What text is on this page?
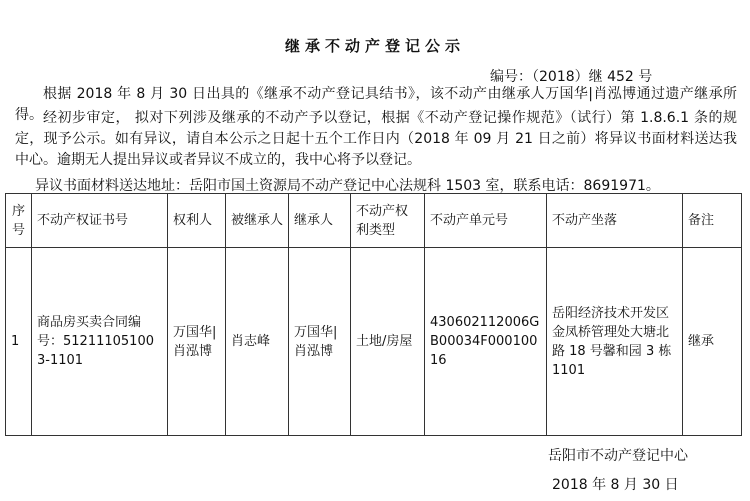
继承不动产登记公示
编号：（2018）继 452 号
根据 2018 年 8 月 30 日出具的《继承不动产登记具结书》，该不动产由继承人万国华|肖泓博通过遗产继承所得。 经初步审定， 拟对下列涉及继承的不动产予以登记，根据《不动产登记操作规范》（试行）第 1.8.6.1 条的规定，现予公示。如有异议，请自本公示之日起十五个工作日内（2018 年 09 月 21 日之前）将异议书面材料送达我中心。逾期无人提出异议或者异议不成立的，我中心将予以登记。
异议书面材料送达地址：岳阳市国土资源局不动产登记中心法规科 1503 室，联系电话：8691971。
序号	不动产权证书号	权利人	被继承人	继承人	不动产权利类型	不动产单元号	不动产坐落	备注
1	商品房买卖合同编号：512111051003-1101	万国华|肖泓博	肖志峰	万国华|肖泓博	土地/房屋	430602112006GB00034F00010016	岳阳经济技术开发区金凤桥管理处大塘北路 18 号馨和园 3 栋 1101	继承
岳阳市不动产登记中心
2018 年 8 月 30 日
